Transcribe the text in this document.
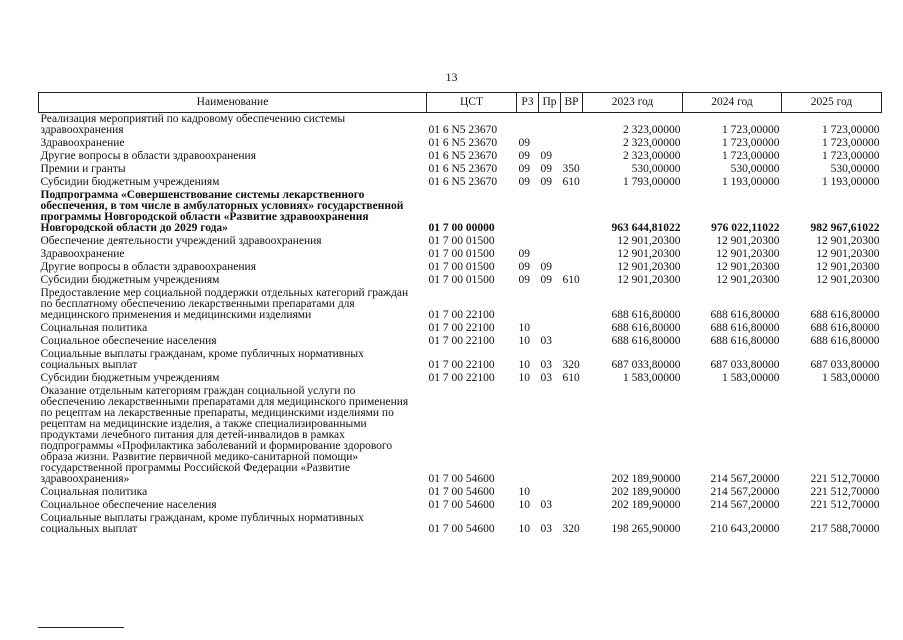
13
Наименование	ЦСТ	РЗ	Пр	ВР	2023 год	2024 год	2025 год
Реализация мероприятий по кадровому обеспечению системы здравоохранения	01 6 N5 23670				2 323,00000	1 723,00000	1 723,00000
Здравоохранение	01 6 N5 23670	09			2 323,00000	1 723,00000	1 723,00000
Другие вопросы в области здравоохранения	01 6 N5 23670	09	09		2 323,00000	1 723,00000	1 723,00000
Премии и гранты	01 6 N5 23670	09	09	350	530,00000	530,00000	530,00000
Субсидии бюджетным учреждениям	01 6 N5 23670	09	09	610	1 793,00000	1 193,00000	1 193,00000
Подпрограмма «Совершенствование системы лекарственного обеспечения, в том числе в амбулаторных условиях» государственной программы Новгородской области «Развитие здравоохранения Новгородской области до 2029 года»	01 7 00 00000				963 644,81022	976 022,11022	982 967,61022
Обеспечение деятельности учреждений здравоохранения	01 7 00 01500				12 901,20300	12 901,20300	12 901,20300
Здравоохранение	01 7 00 01500	09			12 901,20300	12 901,20300	12 901,20300
Другие вопросы в области здравоохранения	01 7 00 01500	09	09		12 901,20300	12 901,20300	12 901,20300
Субсидии бюджетным учреждениям	01 7 00 01500	09	09	610	12 901,20300	12 901,20300	12 901,20300
Предоставление мер социальной поддержки отдельных категорий граждан по бесплатному обеспечению лекарственными препаратами для медицинского применения и медицинскими изделиями	01 7 00 22100				688 616,80000	688 616,80000	688 616,80000
Социальная политика	01 7 00 22100	10			688 616,80000	688 616,80000	688 616,80000
Социальное обеспечение населения	01 7 00 22100	10	03		688 616,80000	688 616,80000	688 616,80000
Социальные выплаты гражданам, кроме публичных нормативных социальных выплат	01 7 00 22100	10	03	320	687 033,80000	687 033,80000	687 033,80000
Субсидии бюджетным учреждениям	01 7 00 22100	10	03	610	1 583,00000	1 583,00000	1 583,00000
Оказание отдельным категориям граждан социальной услуги по обеспечению лекарственными препаратами для медицинского применения по рецептам на лекарственные препараты, медицинскими изделиями по рецептам на медицинские изделия, а также специализированными продуктами лечебного питания для детей-инвалидов в рамках подпрограммы «Профилактика заболеваний и формирование здорового образа жизни. Развитие первичной медико-санитарной помощи» государственной программы Российской Федерации «Развитие здравоохранения»	01 7 00 54600				202 189,90000	214 567,20000	221 512,70000
Социальная политика	01 7 00 54600	10			202 189,90000	214 567,20000	221 512,70000
Социальное обеспечение населения	01 7 00 54600	10	03		202 189,90000	214 567,20000	221 512,70000
Социальные выплаты гражданам, кроме публичных нормативных социальных выплат	01 7 00 54600	10	03	320	198 265,90000	210 643,20000	217 588,70000
